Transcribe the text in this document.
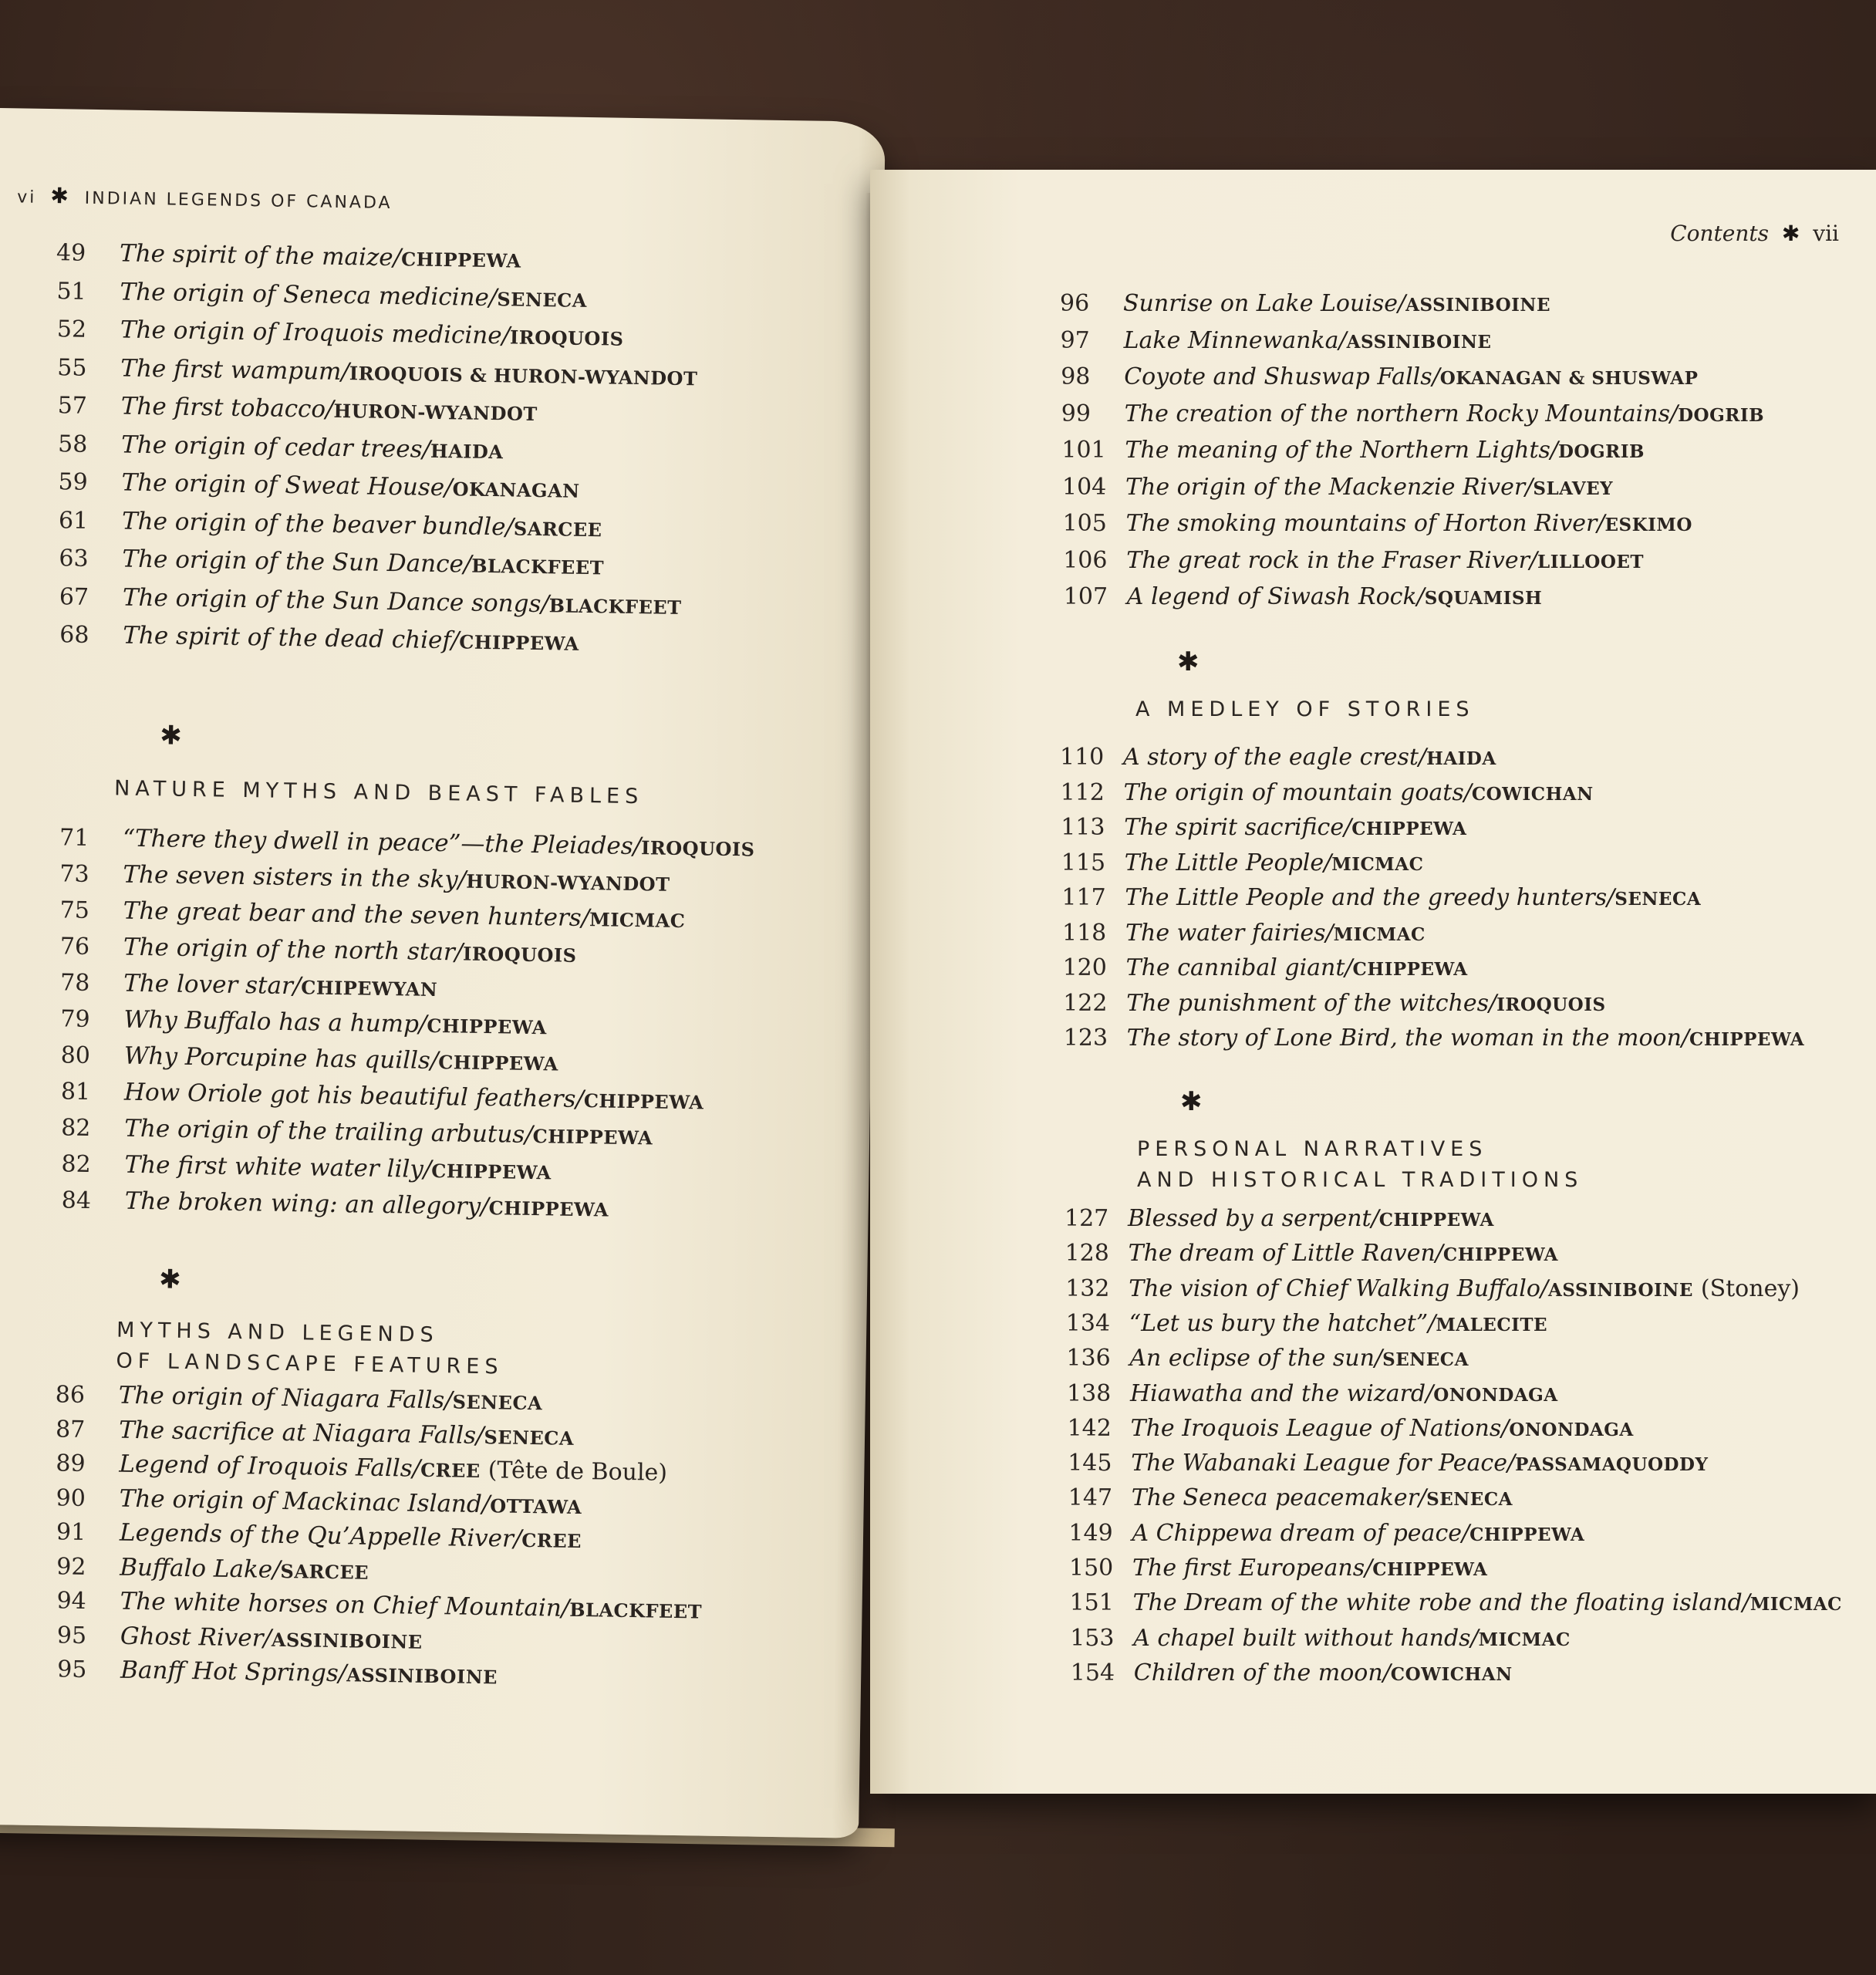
vi ✱ INDIAN LEGENDS OF CANADA
49 The spirit of the maize/CHIPPEWA
51 The origin of Seneca medicine/SENECA
52 The origin of Iroquois medicine/IROQUOIS
55 The first wampum/IROQUOIS & HURON-WYANDOT
57 The first tobacco/HURON-WYANDOT
58 The origin of cedar trees/HAIDA
59 The origin of Sweat House/OKANAGAN
61 The origin of the beaver bundle/SARCEE
63 The origin of the Sun Dance/BLACKFEET
67 The origin of the Sun Dance songs/BLACKFEET
68 The spirit of the dead chief/CHIPPEWA
✱
NATURE MYTHS AND BEAST FABLES
71 “There they dwell in peace”—the Pleiades/IROQUOIS
73 The seven sisters in the sky/HURON-WYANDOT
75 The great bear and the seven hunters/MICMAC
76 The origin of the north star/IROQUOIS
78 The lover star/CHIPEWYAN
79 Why Buffalo has a hump/CHIPPEWA
80 Why Porcupine has quills/CHIPPEWA
81 How Oriole got his beautiful feathers/CHIPPEWA
82 The origin of the trailing arbutus/CHIPPEWA
82 The first white water lily/CHIPPEWA
84 The broken wing: an allegory/CHIPPEWA
✱
MYTHS AND LEGENDS
OF LANDSCAPE FEATURES
86 The origin of Niagara Falls/SENECA
87 The sacrifice at Niagara Falls/SENECA
89 Legend of Iroquois Falls/CREE (Tête de Boule)
90 The origin of Mackinac Island/OTTAWA
91 Legends of the Qu’Appelle River/CREE
92 Buffalo Lake/SARCEE
94 The white horses on Chief Mountain/BLACKFEET
95 Ghost River/ASSINIBOINE
95 Banff Hot Springs/ASSINIBOINE
Contents ✱ vii
96 Sunrise on Lake Louise/ASSINIBOINE
97 Lake Minnewanka/ASSINIBOINE
98 Coyote and Shuswap Falls/OKANAGAN & SHUSWAP
99 The creation of the northern Rocky Mountains/DOGRIB
101 The meaning of the Northern Lights/DOGRIB
104 The origin of the Mackenzie River/SLAVEY
105 The smoking mountains of Horton River/ESKIMO
106 The great rock in the Fraser River/LILLOOET
107 A legend of Siwash Rock/SQUAMISH
✱
A MEDLEY OF STORIES
110 A story of the eagle crest/HAIDA
112 The origin of mountain goats/COWICHAN
113 The spirit sacrifice/CHIPPEWA
115 The Little People/MICMAC
117 The Little People and the greedy hunters/SENECA
118 The water fairies/MICMAC
120 The cannibal giant/CHIPPEWA
122 The punishment of the witches/IROQUOIS
123 The story of Lone Bird, the woman in the moon/CHIPPEWA
✱
PERSONAL NARRATIVES
AND HISTORICAL TRADITIONS
127 Blessed by a serpent/CHIPPEWA
128 The dream of Little Raven/CHIPPEWA
132 The vision of Chief Walking Buffalo/ASSINIBOINE (Stoney)
134 “Let us bury the hatchet”/MALECITE
136 An eclipse of the sun/SENECA
138 Hiawatha and the wizard/ONONDAGA
142 The Iroquois League of Nations/ONONDAGA
145 The Wabanaki League for Peace/PASSAMAQUODDY
147 The Seneca peacemaker/SENECA
149 A Chippewa dream of peace/CHIPPEWA
150 The first Europeans/CHIPPEWA
151 The Dream of the white robe and the floating island/MICMAC
153 A chapel built without hands/MICMAC
154 Children of the moon/COWICHAN
